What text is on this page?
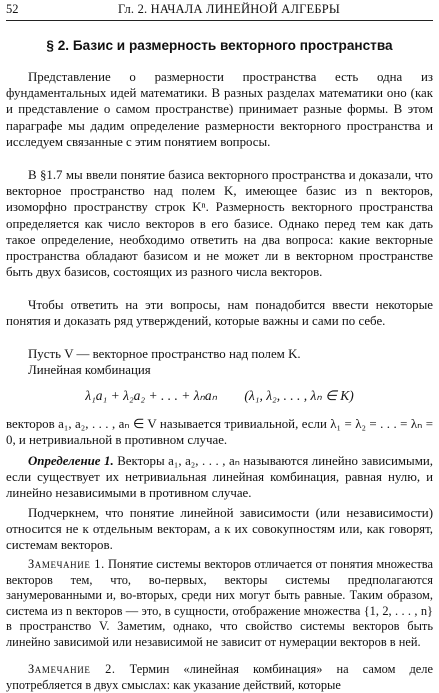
52	Гл. 2. НАЧАЛА ЛИНЕЙНОЙ АЛГЕБРЫ
§ 2. Базис и размерность векторного пространства

Представление о размерности пространства есть одна из фундаментальных идей математики. В разных разделах математики оно (как и представление о самом пространстве) принимает разные формы. В этом параграфе мы дадим определение размерности векторного пространства и исследуем связанные с этим понятием вопросы.

В §1.7 мы ввели понятие базиса векторного пространства и доказали, что векторное пространство над полем K, имеющее базис из n векторов, изоморфно пространству строк Kⁿ. Размерность векторного пространства определяется как число векторов в его базисе. Однако перед тем как дать такое определение, необходимо ответить на два вопроса: какие векторные пространства обладают базисом и не может ли в векторном пространстве быть двух базисов, состоящих из разного числа векторов.

Чтобы ответить на эти вопросы, нам понадобится ввести некоторые понятия и доказать ряд утверждений, которые важны и сами по себе.

Пусть V — векторное пространство над полем K.

Линейная комбинация

λ₁a₁ + λ₂a₂ + . . . + λₙaₙ (λ₁, λ₂, . . . , λₙ ∈ K)

векторов a₁, a₂, . . . , aₙ ∈ V называется тривиальной, если λ₁ = λ₂ = . . . = λₙ = 0, и нетривиальной в противном случае.

Определение 1. Векторы a₁, a₂, . . . , aₙ называются линейно зависимыми, если существует их нетривиальная линейная комбинация, равная нулю, и линейно независимыми в противном случае.

Подчеркнем, что понятие линейной зависимости (или независимости) относится не к отдельным векторам, а к их совокупностям или, как говорят, системам векторов.

Замечание 1. Понятие системы векторов отличается от понятия множества векторов тем, что, во-первых, векторы системы предполагаются занумерованными и, во-вторых, среди них могут быть равные. Таким образом, система из n векторов — это, в сущности, отображение множества {1, 2, . . . , n} в пространство V. Заметим, однако, что свойство системы векторов быть линейно зависимой или независимой не зависит от нумерации векторов в ней.

Замечание 2. Термин «линейная комбинация» на самом деле употребляется в двух смыслах: как указание действий, которые
